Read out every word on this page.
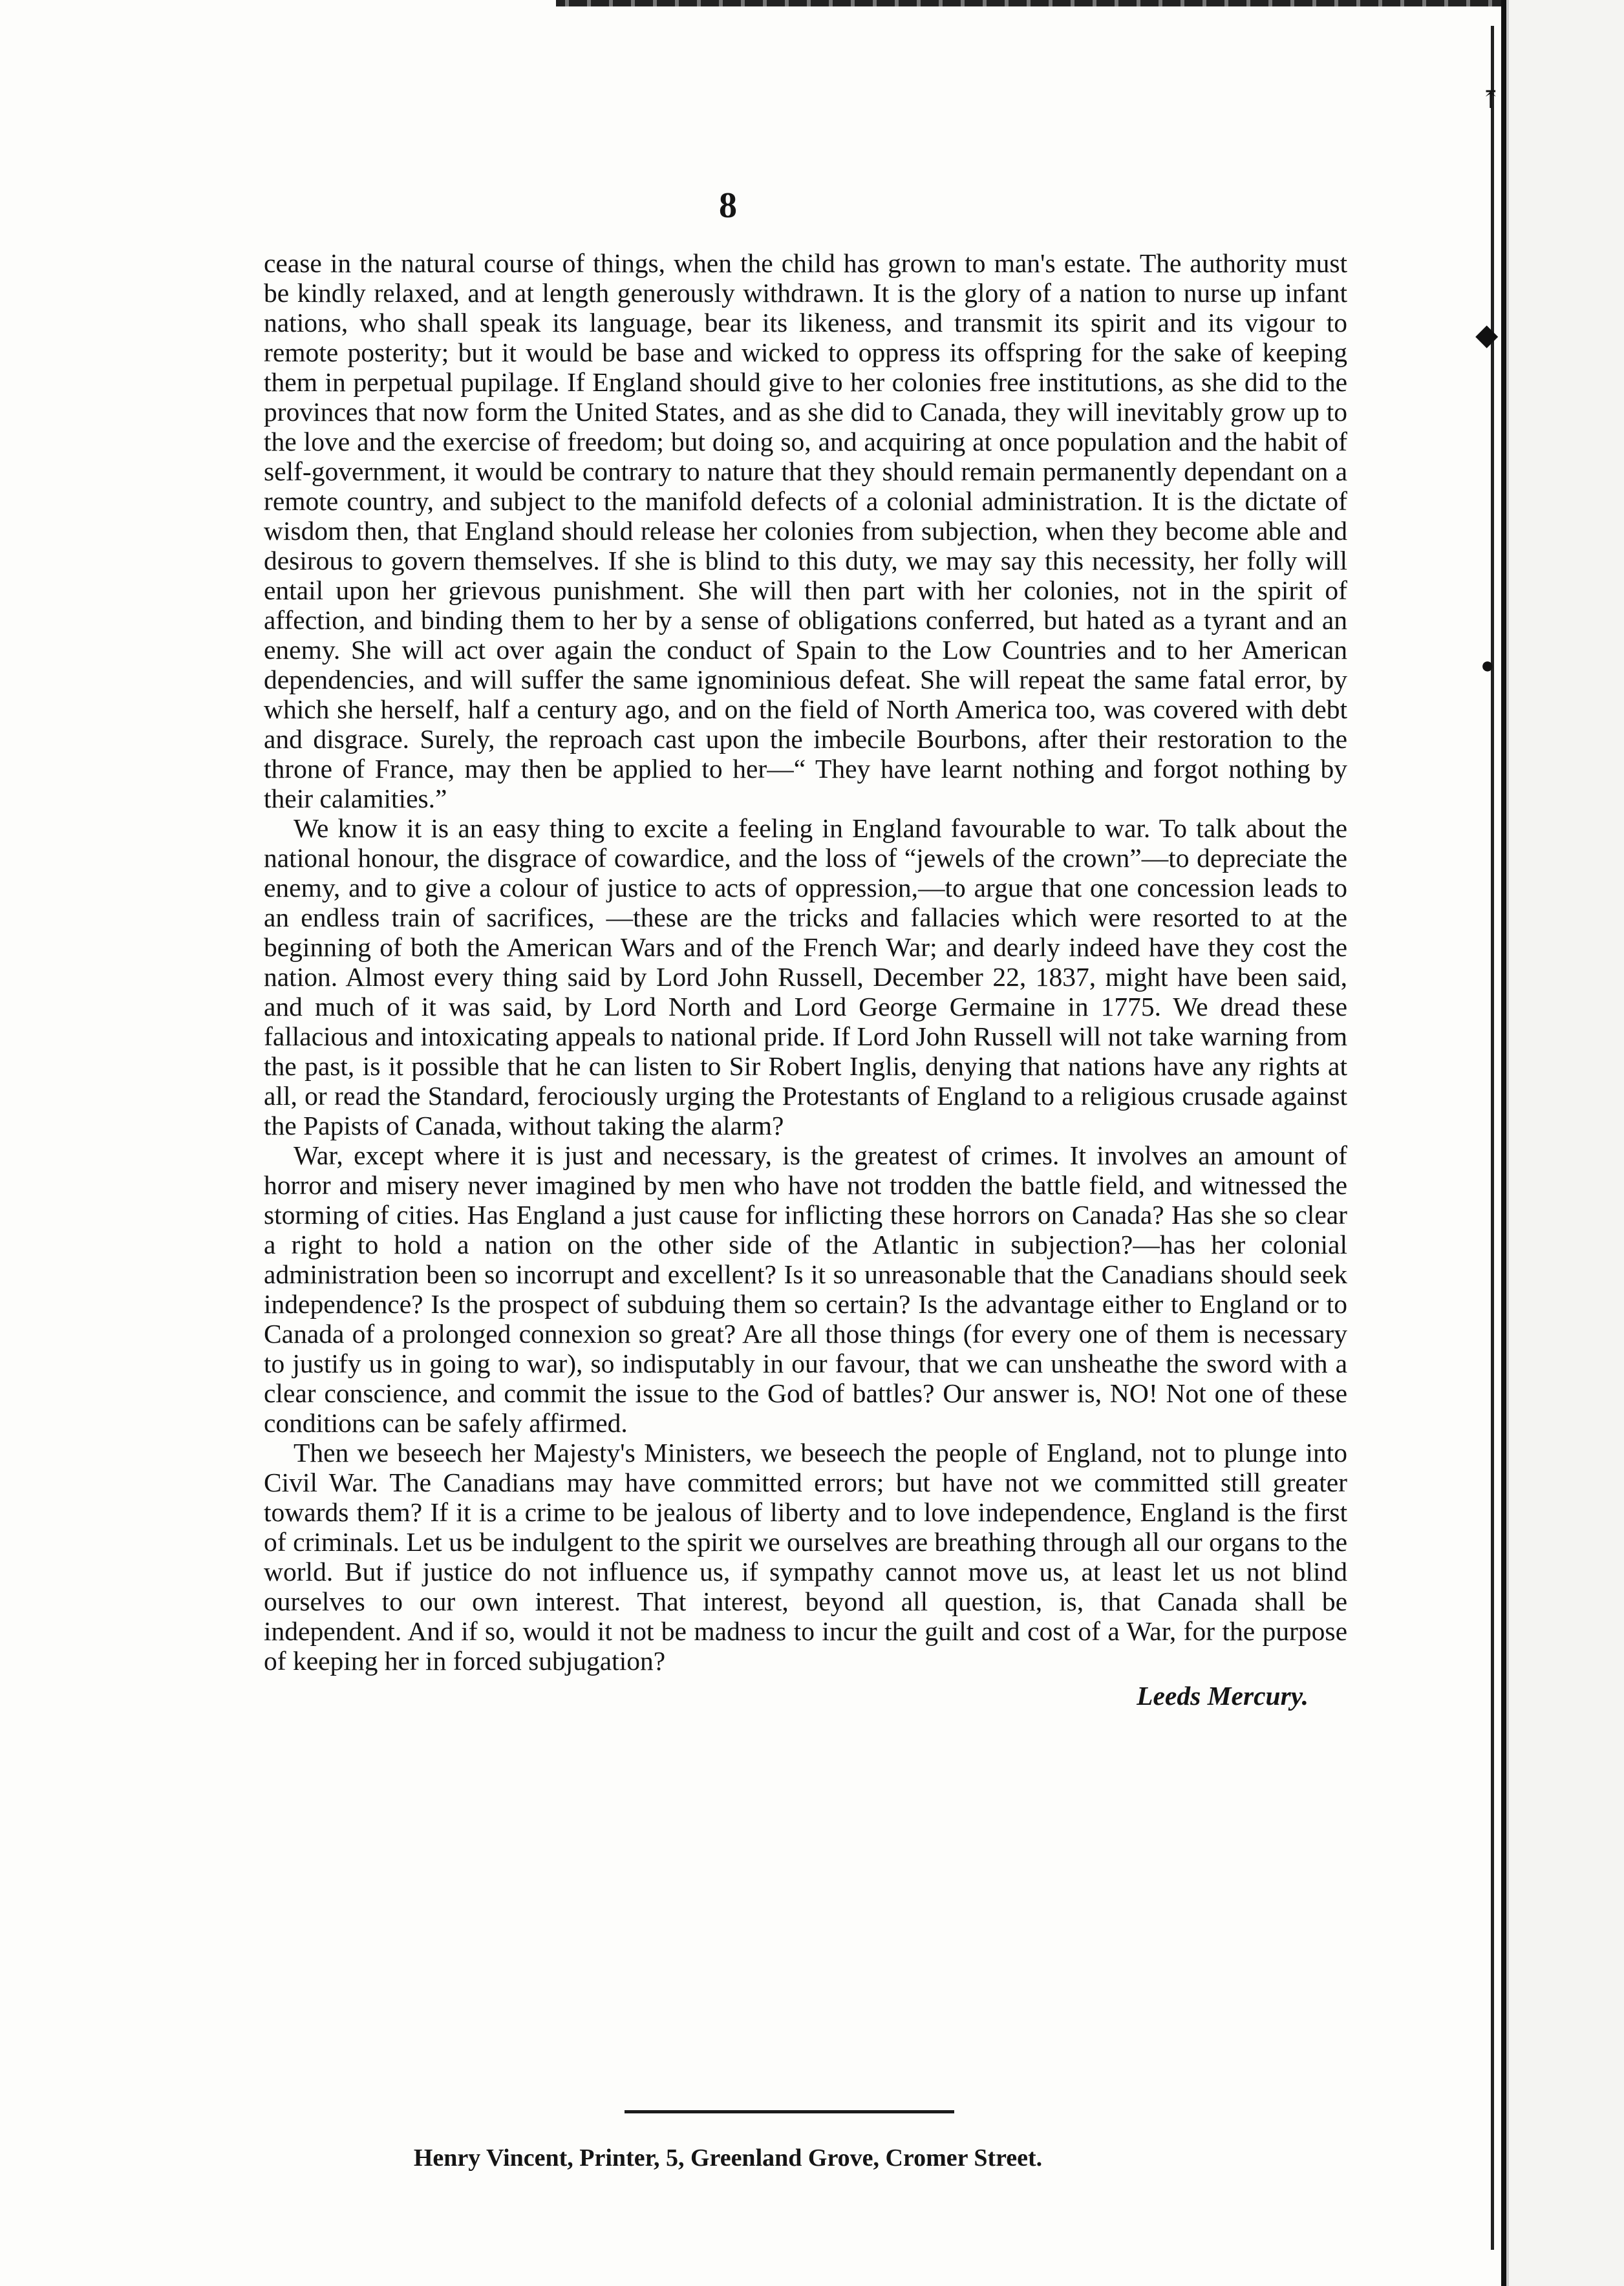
⤒
◆
●
8

cease in the natural course of things, when the child has grown to man's estate. The authority must be kindly relaxed, and at length generously withdrawn. It is the glory of a nation to nurse up infant nations, who shall speak its language, bear its likeness, and transmit its spirit and its vigour to remote posterity; but it would be base and wicked to oppress its offspring for the sake of keeping them in perpetual pupilage. If England should give to her colonies free institutions, as she did to the provinces that now form the United States, and as she did to Canada, they will inevitably grow up to the love and the exercise of freedom; but doing so, and acquiring at once population and the habit of self-government, it would be contrary to nature that they should remain permanently dependant on a remote country, and subject to the manifold defects of a colonial administration. It is the dictate of wisdom then, that England should release her colonies from subjection, when they become able and desirous to govern themselves. If she is blind to this duty, we may say this necessity, her folly will entail upon her grievous punishment. She will then part with her colonies, not in the spirit of affection, and binding them to her by a sense of obligations conferred, but hated as a tyrant and an enemy. She will act over again the conduct of Spain to the Low Countries and to her American dependencies, and will suffer the same ignominious defeat. She will repeat the same fatal error, by which she herself, half a century ago, and on the field of North America too, was covered with debt and disgrace. Surely, the reproach cast upon the imbecile Bourbons, after their restoration to the throne of France, may then be applied to her—“ They have learnt nothing and forgot nothing by their calamities.”

We know it is an easy thing to excite a feeling in England favourable to war. To talk about the national honour, the disgrace of cowardice, and the loss of “jewels of the crown”—to depreciate the enemy, and to give a colour of justice to acts of oppression,—to argue that one concession leads to an endless train of sacrifices, —these are the tricks and fallacies which were resorted to at the beginning of both the American Wars and of the French War; and dearly indeed have they cost the nation. Almost every thing said by Lord John Russell, December 22, 1837, might have been said, and much of it was said, by Lord North and Lord George Germaine in 1775. We dread these fallacious and intoxicating appeals to national pride. If Lord John Russell will not take warning from the past, is it possible that he can listen to Sir Robert Inglis, denying that nations have any rights at all, or read the Standard, ferociously urging the Protestants of England to a religious crusade against the Papists of Canada, without taking the alarm?

War, except where it is just and necessary, is the greatest of crimes. It involves an amount of horror and misery never imagined by men who have not trodden the battle field, and witnessed the storming of cities. Has England a just cause for inflicting these horrors on Canada? Has she so clear a right to hold a nation on the other side of the Atlantic in subjection?—has her colonial administration been so incorrupt and excellent? Is it so unreasonable that the Canadians should seek independence? Is the prospect of subduing them so certain? Is the advantage either to England or to Canada of a prolonged connexion so great? Are all those things (for every one of them is necessary to justify us in going to war), so indisputably in our favour, that we can unsheathe the sword with a clear conscience, and commit the issue to the God of battles? Our answer is, NO! Not one of these conditions can be safely affirmed.

Then we beseech her Majesty's Ministers, we beseech the people of England, not to plunge into Civil War. The Canadians may have committed errors; but have not we committed still greater towards them? If it is a crime to be jealous of liberty and to love independence, England is the first of criminals. Let us be indulgent to the spirit we ourselves are breathing through all our organs to the world. But if justice do not influence us, if sympathy cannot move us, at least let us not blind ourselves to our own interest. That interest, beyond all question, is, that Canada shall be independent. And if so, would it not be madness to incur the guilt and cost of a War, for the purpose of keeping her in forced subjugation?

Leeds Mercury.
Henry Vincent, Printer, 5, Greenland Grove, Cromer Street.
